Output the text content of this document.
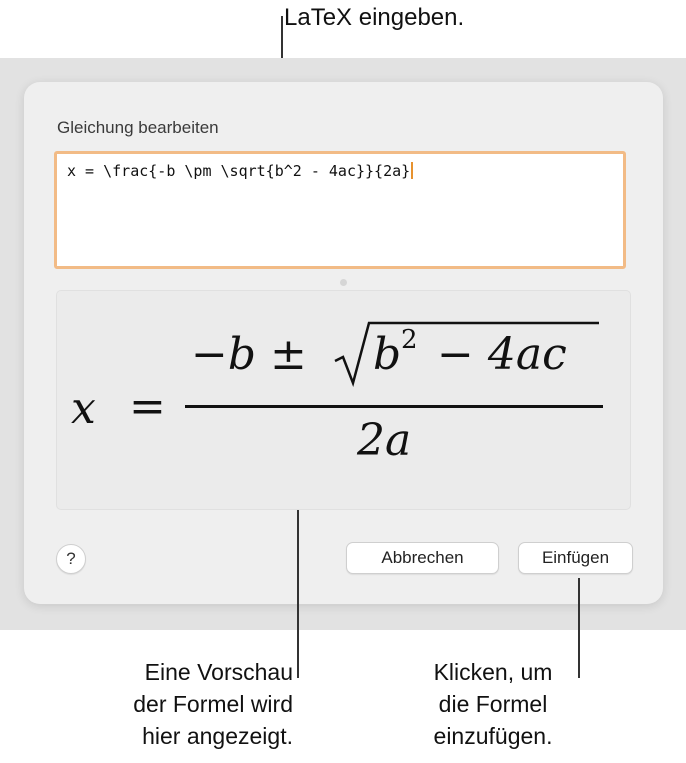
LaTeX eingeben.
Gleichung bearbeiten
x = \frac{-b \pm \sqrt{b^2 - 4ac}}{2a}
x =
−b ± b 2 − 4ac
2a
?	Abbrechen	Einfügen
Eine Vorschau
der Formel wird
hier angezeigt.
Klicken, um
die Formel
einzufügen.
